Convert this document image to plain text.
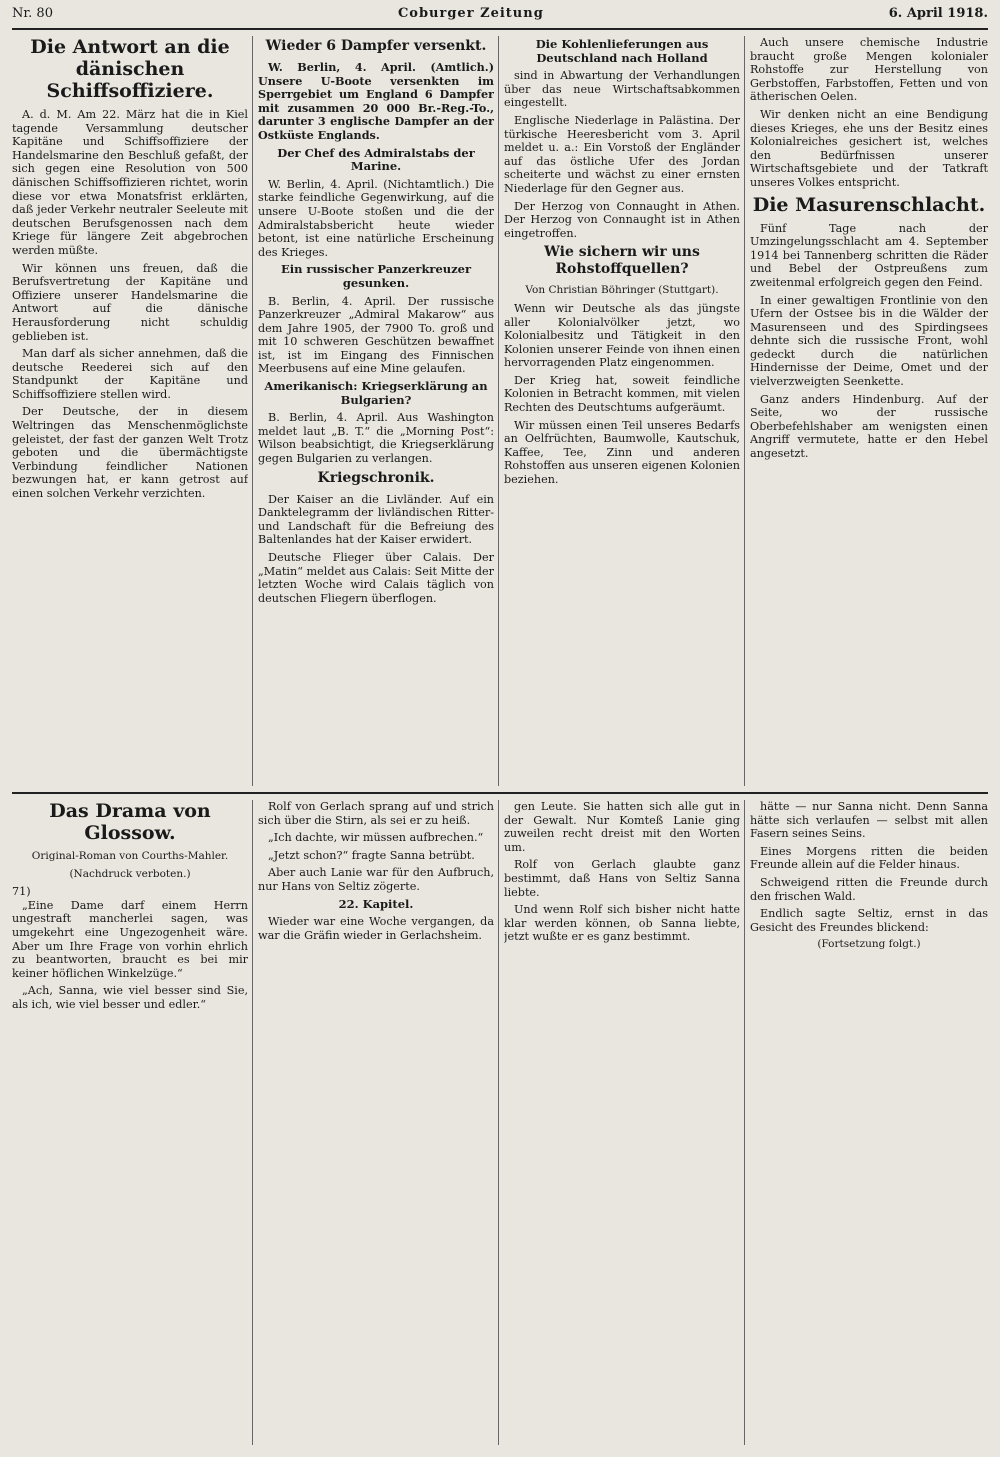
Nr. 80	Coburger Zeitung	6. April 1918.
Die Antwort an die dänischen Schiffsoffiziere.

A. d. M. Am 22. März hat die in Kiel tagende Versammlung deutscher Kapitäne und Schiffsoffiziere der Handelsmarine den Beschluß gefaßt, der sich gegen eine Resolution von 500 dänischen Schiffsoffizieren richtet, worin diese vor etwa Monatsfrist erklärten, daß jeder Verkehr neutraler Seeleute mit deutschen Berufsgenossen nach dem Kriege für längere Zeit abgebrochen werden müßte.

Wir können uns freuen, daß die Berufsvertretung der Kapitäne und Offiziere unserer Handelsmarine die Antwort auf die dänische Herausforderung nicht schuldig geblieben ist.

Man darf als sicher annehmen, daß die deutsche Reederei sich auf den Standpunkt der Kapitäne und Schiffsoffiziere stellen wird.

Der Deutsche, der in diesem Weltringen das Menschenmöglichste geleistet, der fast der ganzen Welt Trotz geboten und die übermächtigste Verbindung feindlicher Nationen bezwungen hat, er kann getrost auf einen solchen Verkehr verzichten.

Wieder 6 Dampfer versenkt.

W. Berlin, 4. April. (Amtlich.) Unsere U-Boote versenkten im Sperrgebiet um England 6 Dampfer mit zusammen 20 000 Br.-Reg.-To., darunter 3 englische Dampfer an der Ostküste Englands.

Der Chef des Admiralstabs der Marine.

W. Berlin, 4. April. (Nichtamtlich.) Die starke feindliche Gegenwirkung, auf die unsere U-Boote stoßen und die der Admiralstabsbericht heute wieder betont, ist eine natürliche Erscheinung des Krieges.

Ein russischer Panzerkreuzer gesunken.

B. Berlin, 4. April. Der russische Panzerkreuzer „Admiral Makarow“ aus dem Jahre 1905, der 7900 To. groß und mit 10 schweren Geschützen bewaffnet ist, ist im Eingang des Finnischen Meerbusens auf eine Mine gelaufen.

Amerikanisch: Kriegserklärung an Bulgarien?

B. Berlin, 4. April. Aus Washington meldet laut „B. T.“ die „Morning Post“: Wilson beabsichtigt, die Kriegserklärung gegen Bulgarien zu verlangen.

Kriegschronik.

Der Kaiser an die Livländer. Auf ein Danktelegramm der livländischen Ritter- und Landschaft für die Befreiung des Baltenlandes hat der Kaiser erwidert.

Deutsche Flieger über Calais. Der „Matin“ meldet aus Calais: Seit Mitte der letzten Woche wird Calais täglich von deutschen Fliegern überflogen.

Die Kohlenlieferungen aus Deutschland nach Holland

sind in Abwartung der Verhandlungen über das neue Wirtschaftsabkommen eingestellt.

Englische Niederlage in Palästina. Der türkische Heeresbericht vom 3. April meldet u. a.: Ein Vorstoß der Engländer auf das östliche Ufer des Jordan scheiterte und wächst zu einer ernsten Niederlage für den Gegner aus.

Der Herzog von Connaught in Athen. Der Herzog von Connaught ist in Athen eingetroffen.

Wie sichern wir uns Rohstoffquellen?
Von Christian Böhringer (Stuttgart).

Wenn wir Deutsche als das jüngste aller Kolonialvölker jetzt, wo Kolonialbesitz und Tätigkeit in den Kolonien unserer Feinde von ihnen einen hervorragenden Platz eingenommen.

Der Krieg hat, soweit feindliche Kolonien in Betracht kommen, mit vielen Rechten des Deutschtums aufgeräumt.

Wir müssen einen Teil unseres Bedarfs an Oelfrüchten, Baumwolle, Kautschuk, Kaffee, Tee, Zinn und anderen Rohstoffen aus unseren eigenen Kolonien beziehen.

Auch unsere chemische Industrie braucht große Mengen kolonialer Rohstoffe zur Herstellung von Gerbstoffen, Farbstoffen, Fetten und von ätherischen Oelen.

Wir denken nicht an eine Bendigung dieses Krieges, ehe uns der Besitz eines Kolonialreiches gesichert ist, welches den Bedürfnissen unserer Wirtschaftsgebiete und der Tatkraft unseres Volkes entspricht.

Die Masurenschlacht.

Fünf Tage nach der Umzingelungsschlacht am 4. September 1914 bei Tannenberg schritten die Räder und Bebel der Ostpreußens zum zweitenmal erfolgreich gegen den Feind.

In einer gewaltigen Frontlinie von den Ufern der Ostsee bis in die Wälder der Masurenseen und des Spirdingsees dehnte sich die russische Front, wohl gedeckt durch die natürlichen Hindernisse der Deime, Omet und der vielverzweigten Seenkette.

Ganz anders Hindenburg. Auf der Seite, wo der russische Oberbefehlshaber am wenigsten einen Angriff vermutete, hatte er den Hebel angesetzt.

Das Drama von Glossow.
Original-Roman von Courths-Mahler.
(Nachdruck verboten.)
71)

„Eine Dame darf einem Herrn ungestraft mancherlei sagen, was umgekehrt eine Ungezogenheit wäre. Aber um Ihre Frage von vorhin ehrlich zu beantworten, braucht es bei mir keiner höflichen Winkelzüge.“

„Ach, Sanna, wie viel besser sind Sie, als ich, wie viel besser und edler.“

Rolf von Gerlach sprang auf und strich sich über die Stirn, als sei er zu heiß.

„Ich dachte, wir müssen aufbrechen.“

„Jetzt schon?“ fragte Sanna betrübt.

Aber auch Lanie war für den Aufbruch, nur Hans von Seltiz zögerte.

22. Kapitel.

Wieder war eine Woche vergangen, da war die Gräfin wieder in Gerlachsheim.

gen Leute. Sie hatten sich alle gut in der Gewalt. Nur Komteß Lanie ging zuweilen recht dreist mit den Worten um.

Rolf von Gerlach glaubte ganz bestimmt, daß Hans von Seltiz Sanna liebte.

Und wenn Rolf sich bisher nicht hatte klar werden können, ob Sanna liebte, jetzt wußte er es ganz bestimmt.

hätte — nur Sanna nicht. Denn Sanna hätte sich verlaufen — selbst mit allen Fasern seines Seins.

Eines Morgens ritten die beiden Freunde allein auf die Felder hinaus.

Schweigend ritten die Freunde durch den frischen Wald.

Endlich sagte Seltiz, ernst in das Gesicht des Freundes blickend:

(Fortsetzung folgt.)
